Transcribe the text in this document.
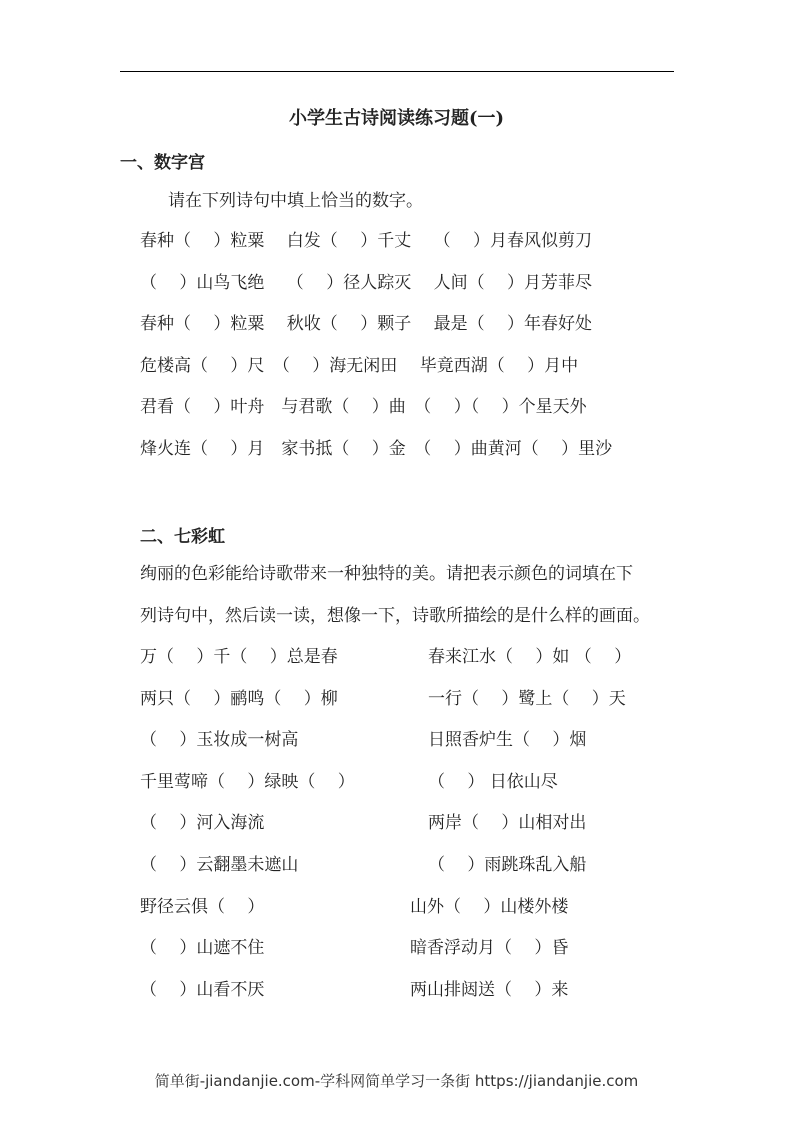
小学生古诗阅读练习题(一)
一、数字宫
请在下列诗句中填上恰当的数字。
二、七彩虹
绚丽的色彩能给诗歌带来一种独特的美。请把表示颜色的词填在下
列诗句中，然后读一读，想像一下，诗歌所描绘的是什么样的画面。
简单街-jiandanjie.com-学科网简单学习一条街 https://jiandanjie.com
春种（　 ）粒粟　 白发（　 ）千丈　 （　 ）月春风似剪刀
（　 ）山鸟飞绝　 （　 ）径人踪灭　 人间（　 ）月芳菲尽
春种（　 ）粒粟　 秋收（　 ）颗子　 最是（　 ）年春好处
危楼高（　 ）尺　（　 ）海无闲田　 毕竟西湖（　 ）月中
君看（　 ）叶舟　与君歌（　 ）曲　（　 ）（　 ）个星天外
烽火连（　 ）月　家书抵（　 ）金　（　 ）曲黄河（　 ）里沙
万（　 ）千（　 ）总是春	春来江水（　 ）如 （　 ）
两只（　 ）鹂鸣（　 ）柳	一行（　 ）鹭上（　 ）天
（　 ）玉妆成一树高	日照香炉生（　 ）烟
千里莺啼（　 ）绿映（　 ）	（　 ） 日依山尽
（　 ）河入海流	两岸（　 ）山相对出
（　 ）云翻墨未遮山	（　 ）雨跳珠乱入船
野径云俱（　 ）	山外（　 ）山楼外楼
（　 ）山遮不住	暗香浮动月（　 ）昏
（　 ）山看不厌	两山排闼送（　 ）来
